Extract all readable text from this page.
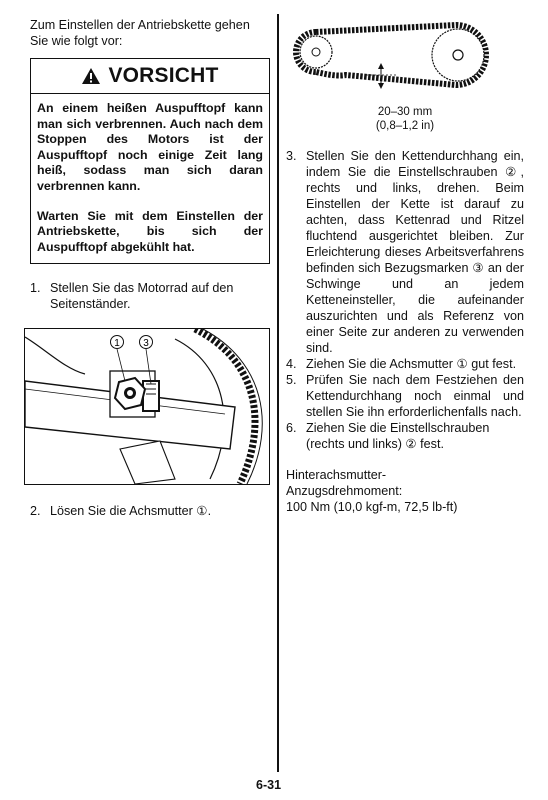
Zum Einstellen der Antriebskette gehen

Sie wie folgt vor:

VORSICHT

An einem heißen Auspufftopf kann man sich verbrennen. Auch nach dem Stoppen des Motors ist der Auspufftopf noch einige Zeit lang heiß, sodass man sich daran verbrennen kann.

Warten Sie mit dem Einstellen der Antriebskette, bis sich der Auspufftopf abgekühlt hat.

1. Stellen Sie das Motorrad auf den Seitenständer.
1 3
2. Lösen Sie die Achsmutter ①.
20–30 mm
(0,8–1,2 in)
3. Stellen Sie den Kettendurchhang ein, indem Sie die Einstellschrauben ②, rechts und links, drehen. Beim Einstellen der Kette ist darauf zu achten, dass Kettenrad und Ritzel fluchtend ausgerichtet bleiben. Zur Erleichterung dieses Arbeitsverfahrens befinden sich Bezugsmarken ③ an der Schwinge und an jedem Ketteneinsteller, die aufeinander auszurichten und als Referenz von einer Seite zur anderen zu verwenden sind.
4. Ziehen Sie die Achsmutter ① gut fest.
5. Prüfen Sie nach dem Festziehen den Kettendurchhang noch einmal und stellen Sie ihn erforderlichenfalls nach.
6. Ziehen Sie die Einstellschrauben (rechts und links) ② fest.

Hinterachsmutter-

Anzugsdrehmoment:

100 Nm (10,0 kgf-m, 72,5 lb-ft)

6-31
